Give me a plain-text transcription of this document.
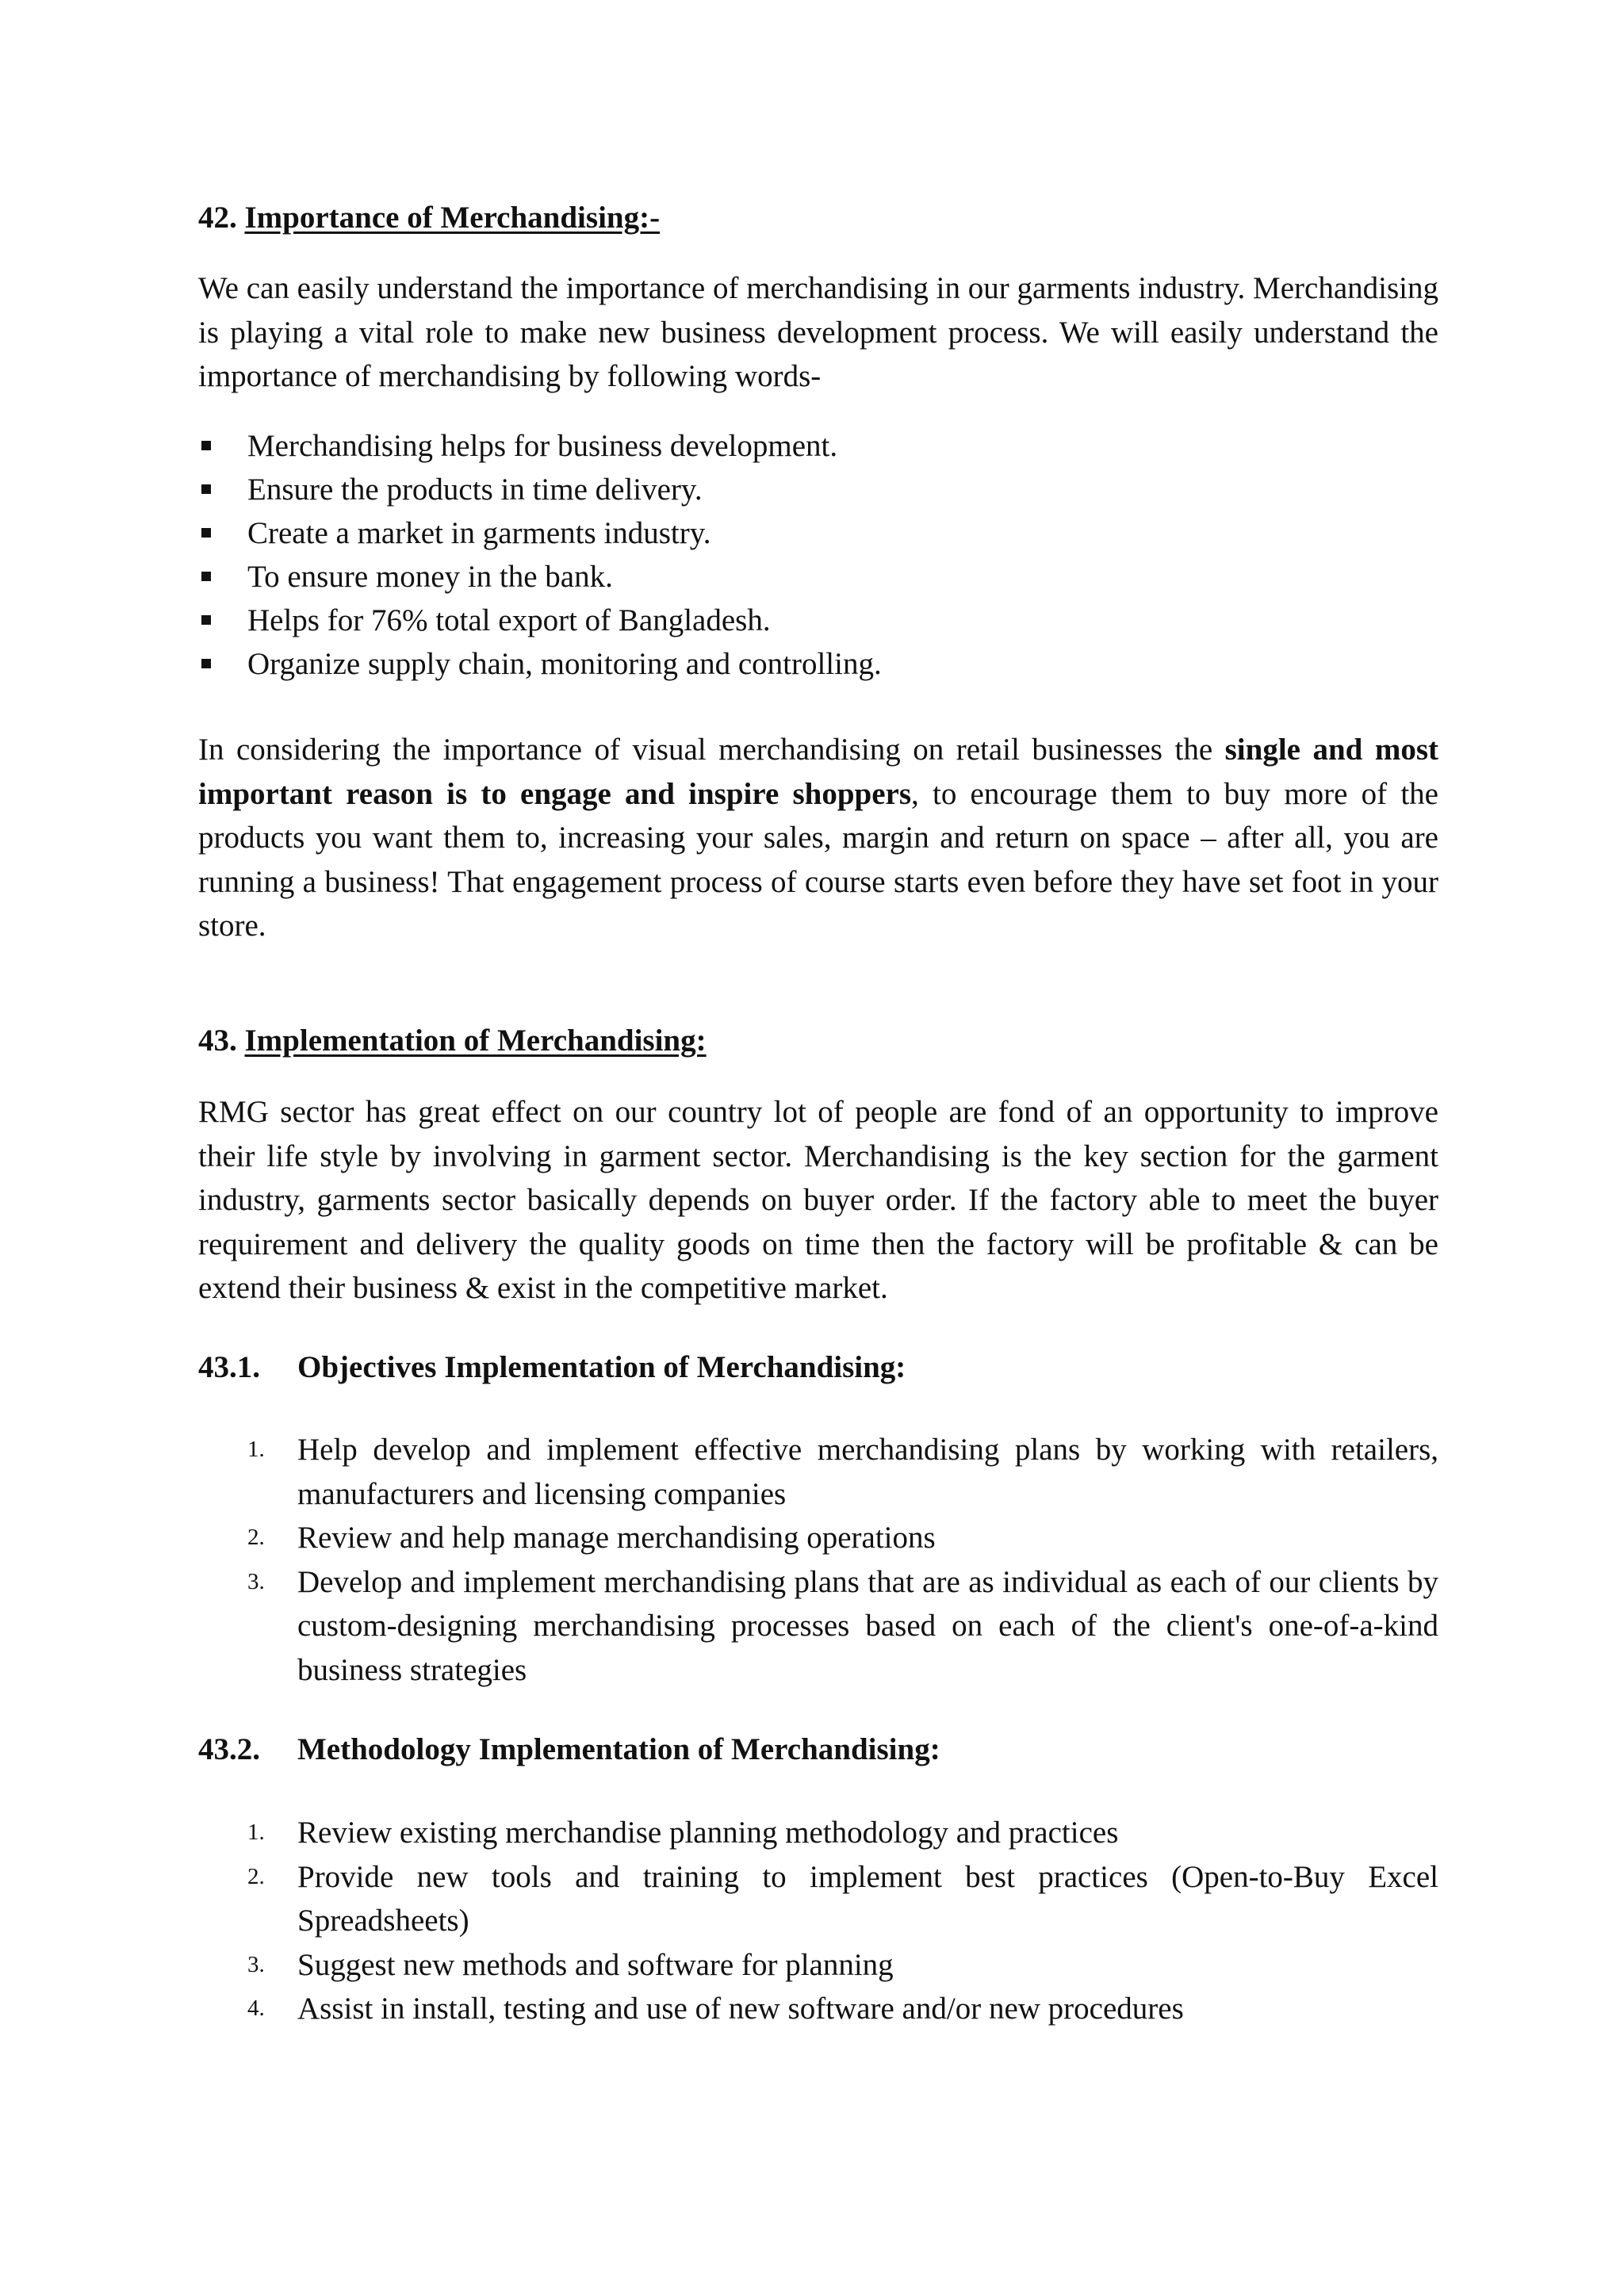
42. Importance of Merchandising:-

We can easily understand the importance of merchandising in our garments industry. Merchandising is playing a vital role to make new business development process. We will easily understand the importance of merchandising by following words-

Merchandising helps for business development.
Ensure the products in time delivery.
Create a market in garments industry.
To ensure money in the bank.
Helps for 76% total export of Bangladesh.
Organize supply chain, monitoring and controlling.

In considering the importance of visual merchandising on retail businesses the single and most important reason is to engage and inspire shoppers, to encourage them to buy more of the products you want them to, increasing your sales, margin and return on space – after all, you are running a business! That engagement process of course starts even before they have set foot in your store.

43. Implementation of Merchandising:

RMG sector has great effect on our country lot of people are fond of an opportunity to improve their life style by involving in garment sector. Merchandising is the key section for the garment industry, garments sector basically depends on buyer order. If the factory able to meet the buyer requirement and delivery the quality goods on time then the factory will be profitable & can be extend their business & exist in the competitive market.

43.1.	Objectives Implementation of Merchandising:

1. Help develop and implement effective merchandising plans by working with retailers, manufacturers and licensing companies
2. Review and help manage merchandising operations
3. Develop and implement merchandising plans that are as individual as each of our clients by custom-designing merchandising processes based on each of the client's one-of-a-kind business strategies

43.2.	Methodology Implementation of Merchandising:

1. Review existing merchandise planning methodology and practices
2. Provide new tools and training to implement best practices (Open-to-Buy Excel Spreadsheets)
3. Suggest new methods and software for planning
4. Assist in install, testing and use of new software and/or new procedures
